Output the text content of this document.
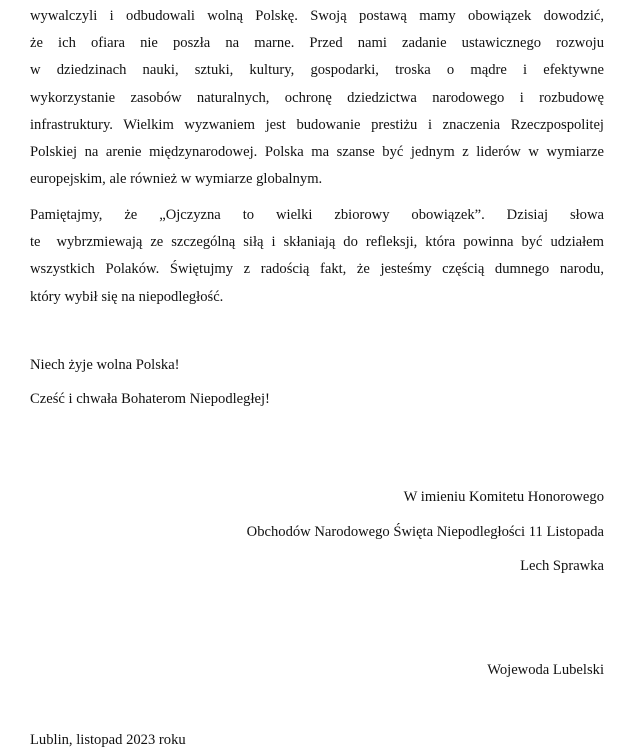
wywalczyli i odbudowali wolną Polskę. Swoją postawą mamy obowiązek dowodzić,
że ich ofiara nie poszła na marne. Przed nami zadanie ustawicznego rozwoju
w dziedzinach nauki, sztuki, kultury, gospodarki, troska o mądre i efektywne
wykorzystanie zasobów naturalnych, ochronę dziedzictwa narodowego i rozbudowę
infrastruktury. Wielkim wyzwaniem jest budowanie prestiżu i znaczenia Rzeczpospolitej
Polskiej na arenie międzynarodowej. Polska ma szanse być jednym z liderów w wymiarze
europejskim, ale również w wymiarze globalnym.
Pamiętajmy, że „Ojczyzna to wielki zbiorowy obowiązek”. Dzisiaj słowa
te  wybrzmiewają ze szczególną siłą i skłaniają do refleksji, która powinna być udziałem
wszystkich Polaków. Świętujmy z radością fakt, że jesteśmy częścią dumnego narodu,
który wybił się na niepodległość.
Niech żyje wolna Polska!
Cześć i chwała Bohaterom Niepodległej!
W imieniu Komitetu Honorowego
Obchodów Narodowego Święta Niepodległości 11 Listopada
Lech Sprawka
Wojewoda Lubelski
Lublin, listopad 2023 roku
